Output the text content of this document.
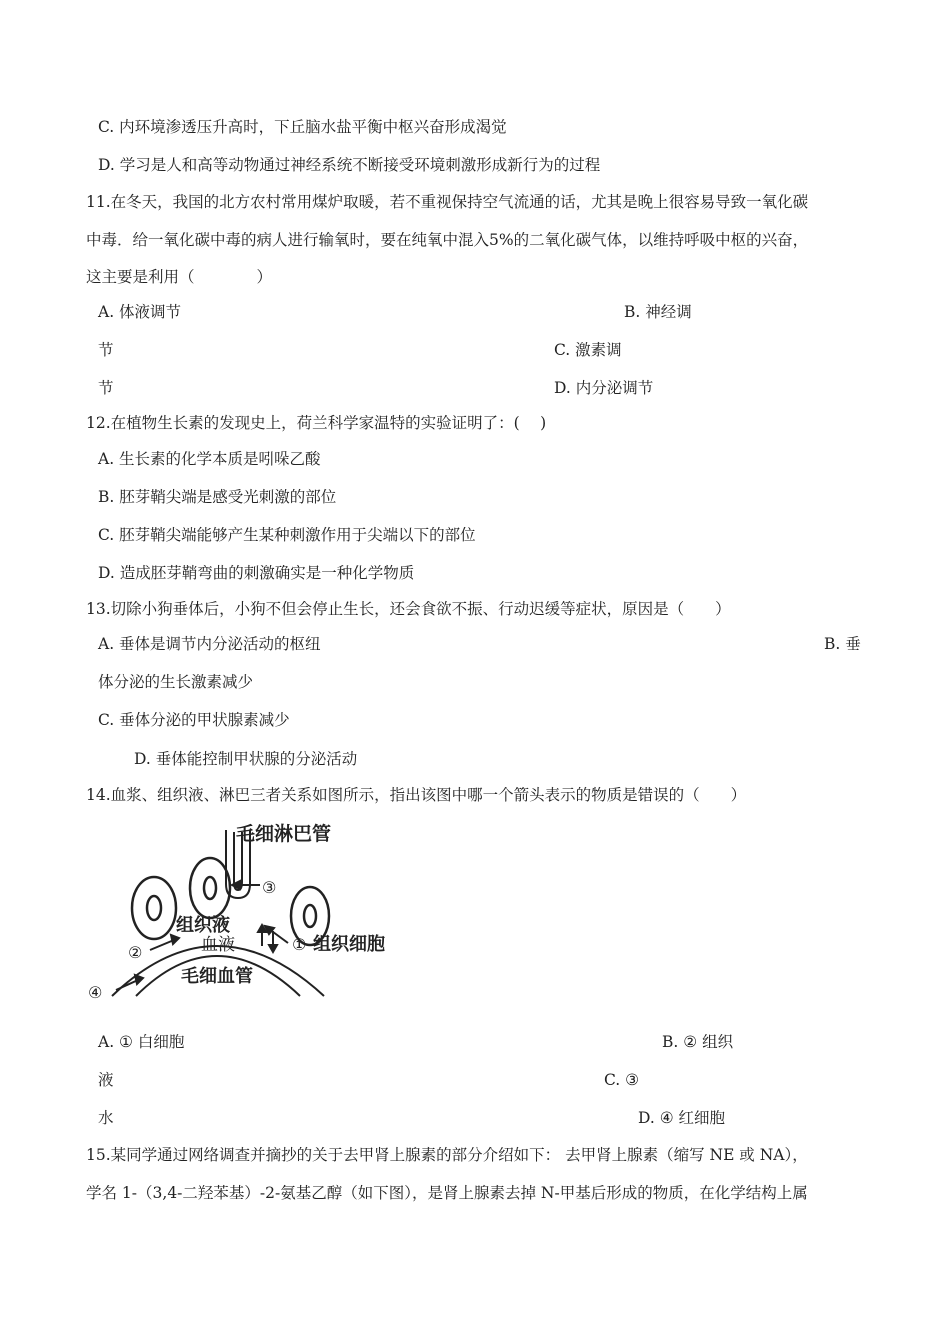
C. 内环境渗透压升高时，下丘脑水盐平衡中枢兴奋形成渴觉
D. 学习是人和高等动物通过神经系统不断接受环境刺激形成新行为的过程
11.在冬天，我国的北方农村常用煤炉取暖，若不重视保持空气流通的话，尤其是晚上很容易导致一氧化碳
中毒．给一氧化碳中毒的病人进行输氧时，要在纯氧中混入5%的二氧化碳气体，以维持呼吸中枢的兴奋，
这主要是利用（　　　　）
A. 体液调节	B. 神经调
节	C. 激素调
节	D. 内分泌调节
12.在植物生长素的发现史上，荷兰科学家温特的实验证明了：(　 )
A. 生长素的化学本质是吲哚乙酸
B. 胚芽鞘尖端是感受光刺激的部位
C. 胚芽鞘尖端能够产生某种刺激作用于尖端以下的部位
D. 造成胚芽鞘弯曲的刺激确实是一种化学物质
13.切除小狗垂体后，小狗不但会停止生长，还会食欲不振、行动迟缓等症状，原因是（　　）
A. 垂体是调节内分泌活动的枢纽	B. 垂
体分泌的生长激素减少
C. 垂体分泌的甲状腺素减少
D. 垂体能控制甲状腺的分泌活动
14.血浆、组织液、淋巴三者关系如图所示，指出该图中哪一个箭头表示的物质是错误的（　　）
毛细淋巴管
③
组织液
血液	① 组织细胞
②
毛细血管
④
A. ① 白细胞	B. ② 组织
液	C. ③
水	D. ④ 红细胞
15.某同学通过网络调查并摘抄的关于去甲肾上腺素的部分介绍如下： 去甲肾上腺素（缩写 NE 或 NA），
学名 1-（3,4-二羟苯基）-2-氨基乙醇（如下图），是肾上腺素去掉 N-甲基后形成的物质，在化学结构上属
